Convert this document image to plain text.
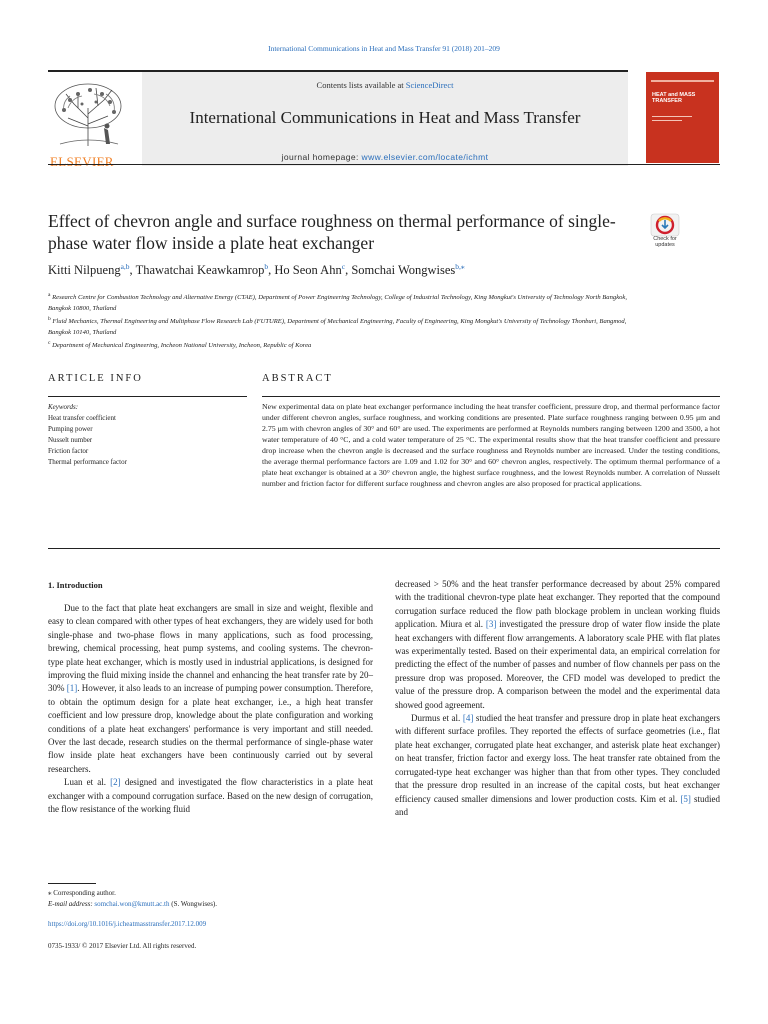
International Communications in Heat and Mass Transfer 91 (2018) 201–209
ELSEVIER
Contents lists available at ScienceDirect
International Communications in Heat and Mass Transfer
journal homepage: www.elsevier.com/locate/ichmt
HEAT and MASS TRANSFER
Effect of chevron angle and surface roughness on thermal performance of single-phase water flow inside a plate heat exchanger	Check for updates
Kitti Nilpueng$^{a,b}$, Thawatchai Keawkamrop$^b$, Ho Seon Ahn$^c$, Somchai Wongwises$^{b,⁎}$

$^a$ Research Centre for Combustion Technology and Alternative Energy (CTAE), Department of Power Engineering Technology, College of Industrial Technology, King Mongkut's University of Technology North Bangkok, Bangkok 10800, Thailand

$^b$ Fluid Mechanics, Thermal Engineering and Multiphase Flow Research Lab (FUTURE), Department of Mechanical Engineering, Faculty of Engineering, King Mongkut's University of Technology Thonburi, Bangmod, Bangkok 10140, Thailand

$^c$ Department of Mechanical Engineering, Incheon National University, Incheon, Republic of Korea

ARTICLE INFO	ABSTRACT
Keywords:
Heat transfer coefficient
Pumping power
Nusselt number
Friction factor
Thermal performance factor
New experimental data on plate heat exchanger performance including the heat transfer coefficient, pressure drop, and thermal performance factor under different chevron angles, surface roughness, and working conditions are presented. Plate surface roughness ranging between 0.95 μm and 2.75 μm with chevron angles of 30° and 60° are used. The experiments are performed at Reynolds numbers ranging between 1200 and 3500, a hot water temperature of 40 °C, and a cold water temperature of 25 °C. The experimental results show that the heat transfer coefficient and pressure drop increase when the chevron angle is decreased and the surface roughness and Reynolds number are increased. Under the testing conditions, the average thermal performance factors are 1.09 and 1.02 for 30° and 60° chevron angles, respectively. The optimum thermal performance of a plate heat exchanger is obtained at a 30° chevron angle, the highest surface roughness, and the lowest Reynolds number. A correlation of Nusselt number and friction factor for different surface roughness and chevron angles are also proposed for practical applications.
1. Introduction

Due to the fact that plate heat exchangers are small in size and weight, flexible and easy to clean compared with other types of heat exchangers, they are widely used for both single-phase and two-phase flows in many applications, such as food processing, brewing, chemical processing, heat pump systems, and cooling systems. The chevron-type plate heat exchanger, which is mostly used in industrial applications, is designed for improving the fluid mixing inside the channel and enhancing the heat transfer rate by 20–30% [1]. However, it also leads to an increase of pumping power consumption. Therefore, to obtain the optimum design for a plate heat exchanger, i.e., a high heat transfer coefficient and low pressure drop, knowledge about the plate configuration and working conditions of a plate heat exchangers' performance is very important and still needed. Over the last decade, research studies on the thermal performance of single-phase water flow inside plate heat exchangers have been continuously carried out by several researchers.

Luan et al. [2] designed and investigated the flow characteristics in a plate heat exchanger with a compound corrugation surface. Based on the new design of corrugation, the flow resistance of the working fluid

decreased > 50% and the heat transfer performance decreased by about 25% compared with the traditional chevron-type plate heat exchanger. They reported that the compound corrugation surface reduced the flow path blockage problem in unclean working fluids application. Miura et al. [3] investigated the pressure drop of water flow inside the plate heat exchangers with different flow arrangements. A laboratory scale PHE with flat plates was experimentally tested. Based on their experimental data, an empirical correlation for predicting the effect of the number of passes and number of flow channels per pass on the pressure drop was proposed. Moreover, the CFD model was developed to predict the value of the pressure drop. A comparison between the model and the experimental data showed good agreement.

Durmus et al. [4] studied the heat transfer and pressure drop in plate heat exchangers with different surface profiles. They reported the effects of surface geometries (i.e., flat plate heat exchanger, corrugated plate heat exchanger, and asterisk plate heat exchanger) on heat transfer, friction factor and exergy loss. The heat transfer rate obtained from the corrugated-type heat exchanger was higher than that from other types. They concluded that the pressure drop resulted in an increase of the capital costs, but heat exchanger efficiency caused smaller dimensions and lower production costs. Kim et al. [5] studied and

⁎ Corresponding author.

E-mail address: somchai.won@kmutt.ac.th (S. Wongwises).

https://doi.org/10.1016/j.icheatmasstransfer.2017.12.009
0735-1933/ © 2017 Elsevier Ltd. All rights reserved.
